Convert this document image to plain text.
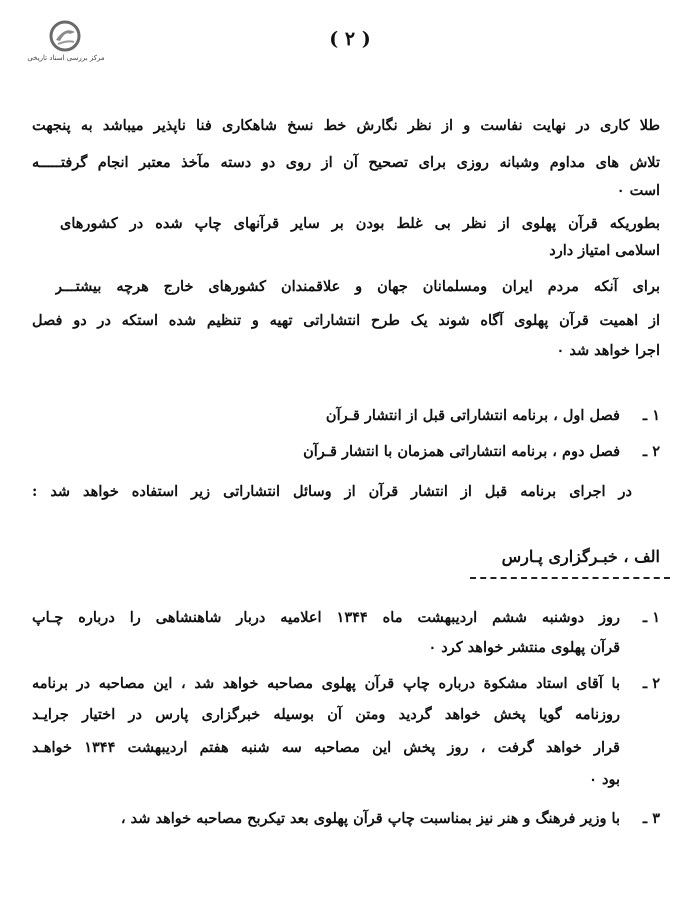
مرکز بررسی اسناد تاریخی
( ۲ )
طلا کاری در نهایت نفاست و از نظر نگارش خط نسخ شاهکاری فنا ناپذیر میباشد به پنجهت
تلاش های مداوم وشبانه روزی برای تصحیح آن از روی دو دسته مآخذ معتبر انجام گرفتـــــه
است ۰
بطوریکه قرآن پهلوی از نظر بی غلط بودن بر سایر قرآنهای چاپ شده در کشورهای
اسلامی امتیاز دارد
برای آنکه مردم ایران ومسلمانان جهان و علاقمندان کشورهای خارج هرچه بیشتـــر
از اهمیت قرآن پهلوی آگاه شوند یک طرح انتشاراتی تهیه و تنظیم شده استکه در دو فصل
اجرا خواهد شد ۰
۱ ـ
فصل اول ، برنامه انتشاراتی قبل از انتشار قـرآن
۲ ـ
فصل دوم ، برنامه انتشاراتی همزمان با انتشار قـرآن
در اجرای برنامه قبل از انتشار قرآن از وسائل انتشاراتی زیر استفاده خواهد شد :
الف ، خبـرگزاری پـارس
۱ ـ
روز دوشنبه ششم اردیبهشت ماه ۱۳۴۴ اعلامیه دربار شاهنشاهی را درباره چـاپ
قرآن پهلوی منتشر خواهد کرد ۰
۲ ـ
با آقای استاد مشکوة درباره چاپ قرآن پهلوی مصاحبه خواهد شد ، این مصاحبه در برنامه
روزنامه گویا پخش خواهد گردید ومتن آن بوسیله خبرگزاری پارس در اختیار جرایـد
قرار خواهد گرفت ، روز پخش این مصاحبه سه شنبه هفتم اردیبهشت ۱۳۴۴ خواهـد
بود ۰
۳ ـ
با وزیر فرهنگ و هنر نیز بمناسبت چاپ قرآن پهلوی بعد تیکربح مصاحبه خواهد شد ،
